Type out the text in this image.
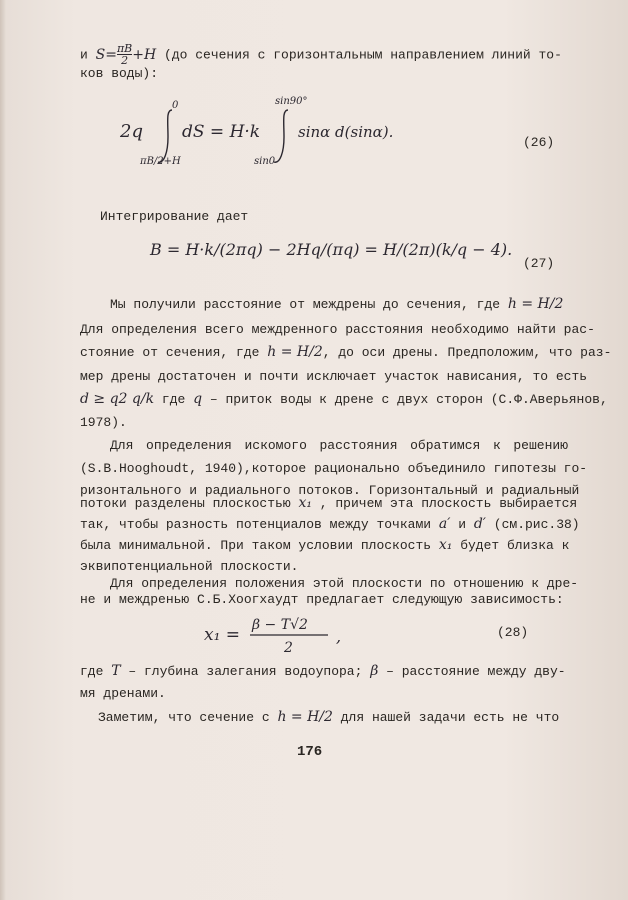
и $S= \frac{\pi B}{2} +H$ (до сечения с горизонтальным направлением линий то-
ков воды):
2q
0
πB/2+H
dS = H·k
sin90°
sin0
sinα d(sinα).
(26)
Интегрирование дает
B = H·k/(2πq) − 2Hq/(πq) = H/(2π)(k/q − 4).
(27)
Мы получили расстояние от междрены до сечения, где h = H/2
Для определения всего междренного расстояния необходимо найти рас-
стояние от сечения, где h = H/2, до оси дрены. Предположим, что раз-
мер дрены достаточен и почти исключает участок нависания, то есть
d ≥ q2 q/k где q – приток воды к дрене с двух сторон (С.Ф.Аверьянов,
1978).
Для определения искомого расстояния обратимся к решению
(S.B.Hooghoudt, 1940),которое рационально объединило гипотезы го-
ризонтального и радиального потоков. Горизонтальный и радиальный
потоки разделены плоскостью x₁ , причем эта плоскость выбирается
так, чтобы разность потенциалов между точками a′ и d′ (см.рис.38)
была минимальной. При таком условии плоскость x₁ будет близка к
эквипотенциальной плоскости.
Для определения положения этой плоскости по отношению к дре-
не и междренью С.Б.Хоогхаудт предлагает следующую зависимость:
x₁ = β − T√2
2
,	(28)
где T – глубина залегания водоупора; β – расстояние между дву-
мя дренами.
Заметим, что сечение с h = H/2 для нашей задачи есть не что
176
